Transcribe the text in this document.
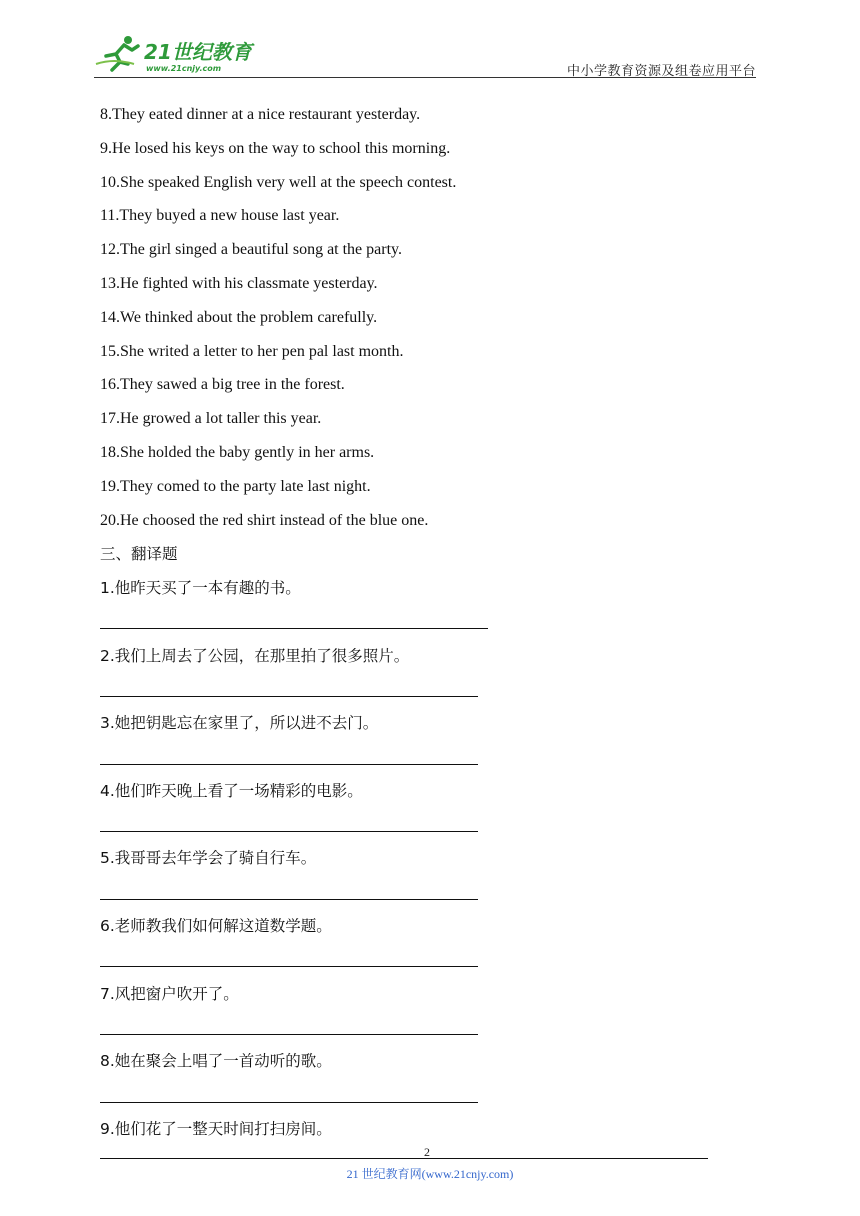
21世纪教育
www.21cnjy.com	中小学教育资源及组卷应用平台
8.They eated dinner at a nice restaurant yesterday.
9.He losed his keys on the way to school this morning.
10.She speaked English very well at the speech contest.
11.They buyed a new house last year.
12.The girl singed a beautiful song at the party.
13.He fighted with his classmate yesterday.
14.We thinked about the problem carefully.
15.She writed a letter to her pen pal last month.
16.They sawed a big tree in the forest.
17.He growed a lot taller this year.
18.She holded the baby gently in her arms.
19.They comed to the party late last night.
20.He choosed the red shirt instead of the blue one.
三、翻译题
1.他昨天买了一本有趣的书。
2.我们上周去了公园，在那里拍了很多照片。
3.她把钥匙忘在家里了，所以进不去门。
4.他们昨天晚上看了一场精彩的电影。
5.我哥哥去年学会了骑自行车。
6.老师教我们如何解这道数学题。
7.风把窗户吹开了。
8.她在聚会上唱了一首动听的歌。
9.他们花了一整天时间打扫房间。
2
21 世纪教育网(www.21cnjy.com)
